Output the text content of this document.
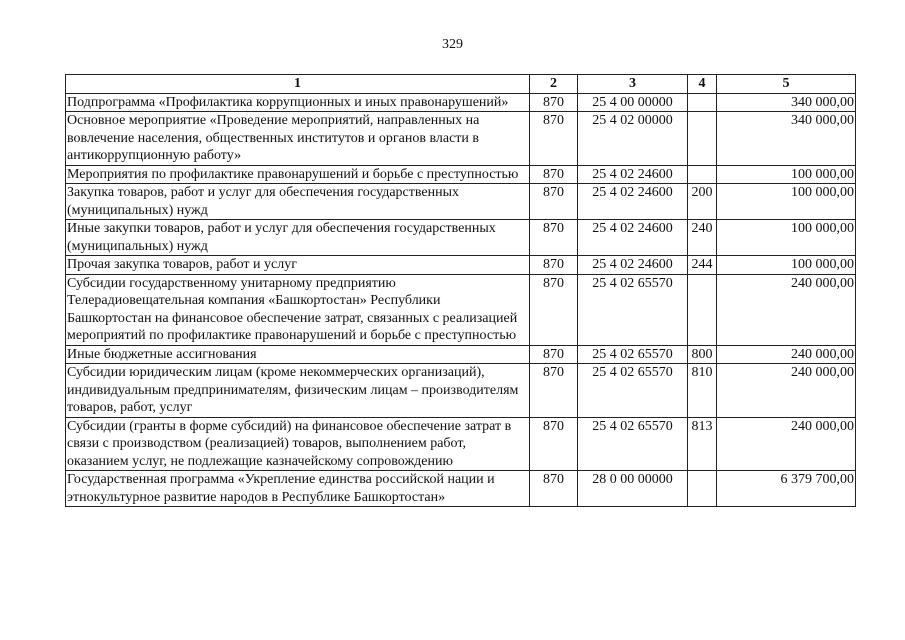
329
1	2	3	4	5
Подпрограмма «Профилактика коррупционных и иных правонарушений»	870	25 4 00 00000		340 000,00
Основное мероприятие «Проведение мероприятий, направленных на вовлечение населения, общественных институтов и органов власти в антикоррупционную работу»	870	25 4 02 00000		340 000,00
Мероприятия по профилактике правонарушений и борьбе с преступностью	870	25 4 02 24600		100 000,00
Закупка товаров, работ и услуг для обеспечения государственных (муниципальных) нужд	870	25 4 02 24600	200	100 000,00
Иные закупки товаров, работ и услуг для обеспечения государственных (муниципальных) нужд	870	25 4 02 24600	240	100 000,00
Прочая закупка товаров, работ и услуг	870	25 4 02 24600	244	100 000,00
Субсидии государственному унитарному предприятию Телерадиовещательная компания «Башкортостан» Республики Башкортостан на финансовое обеспечение затрат, связанных с реализацией мероприятий по профилактике правонарушений и борьбе с преступностью	870	25 4 02 65570		240 000,00
Иные бюджетные ассигнования	870	25 4 02 65570	800	240 000,00
Субсидии юридическим лицам (кроме некоммерческих организаций), индивидуальным предпринимателям, физическим лицам – производителям товаров, работ, услуг	870	25 4 02 65570	810	240 000,00
Субсидии (гранты в форме субсидий) на финансовое обеспечение затрат в связи с производством (реализацией) товаров, выполнением работ, оказанием услуг, не подлежащие казначейскому сопровождению	870	25 4 02 65570	813	240 000,00
Государственная программа «Укрепление единства российской нации и этнокультурное развитие народов в Республике Башкортостан»	870	28 0 00 00000		6 379 700,00
